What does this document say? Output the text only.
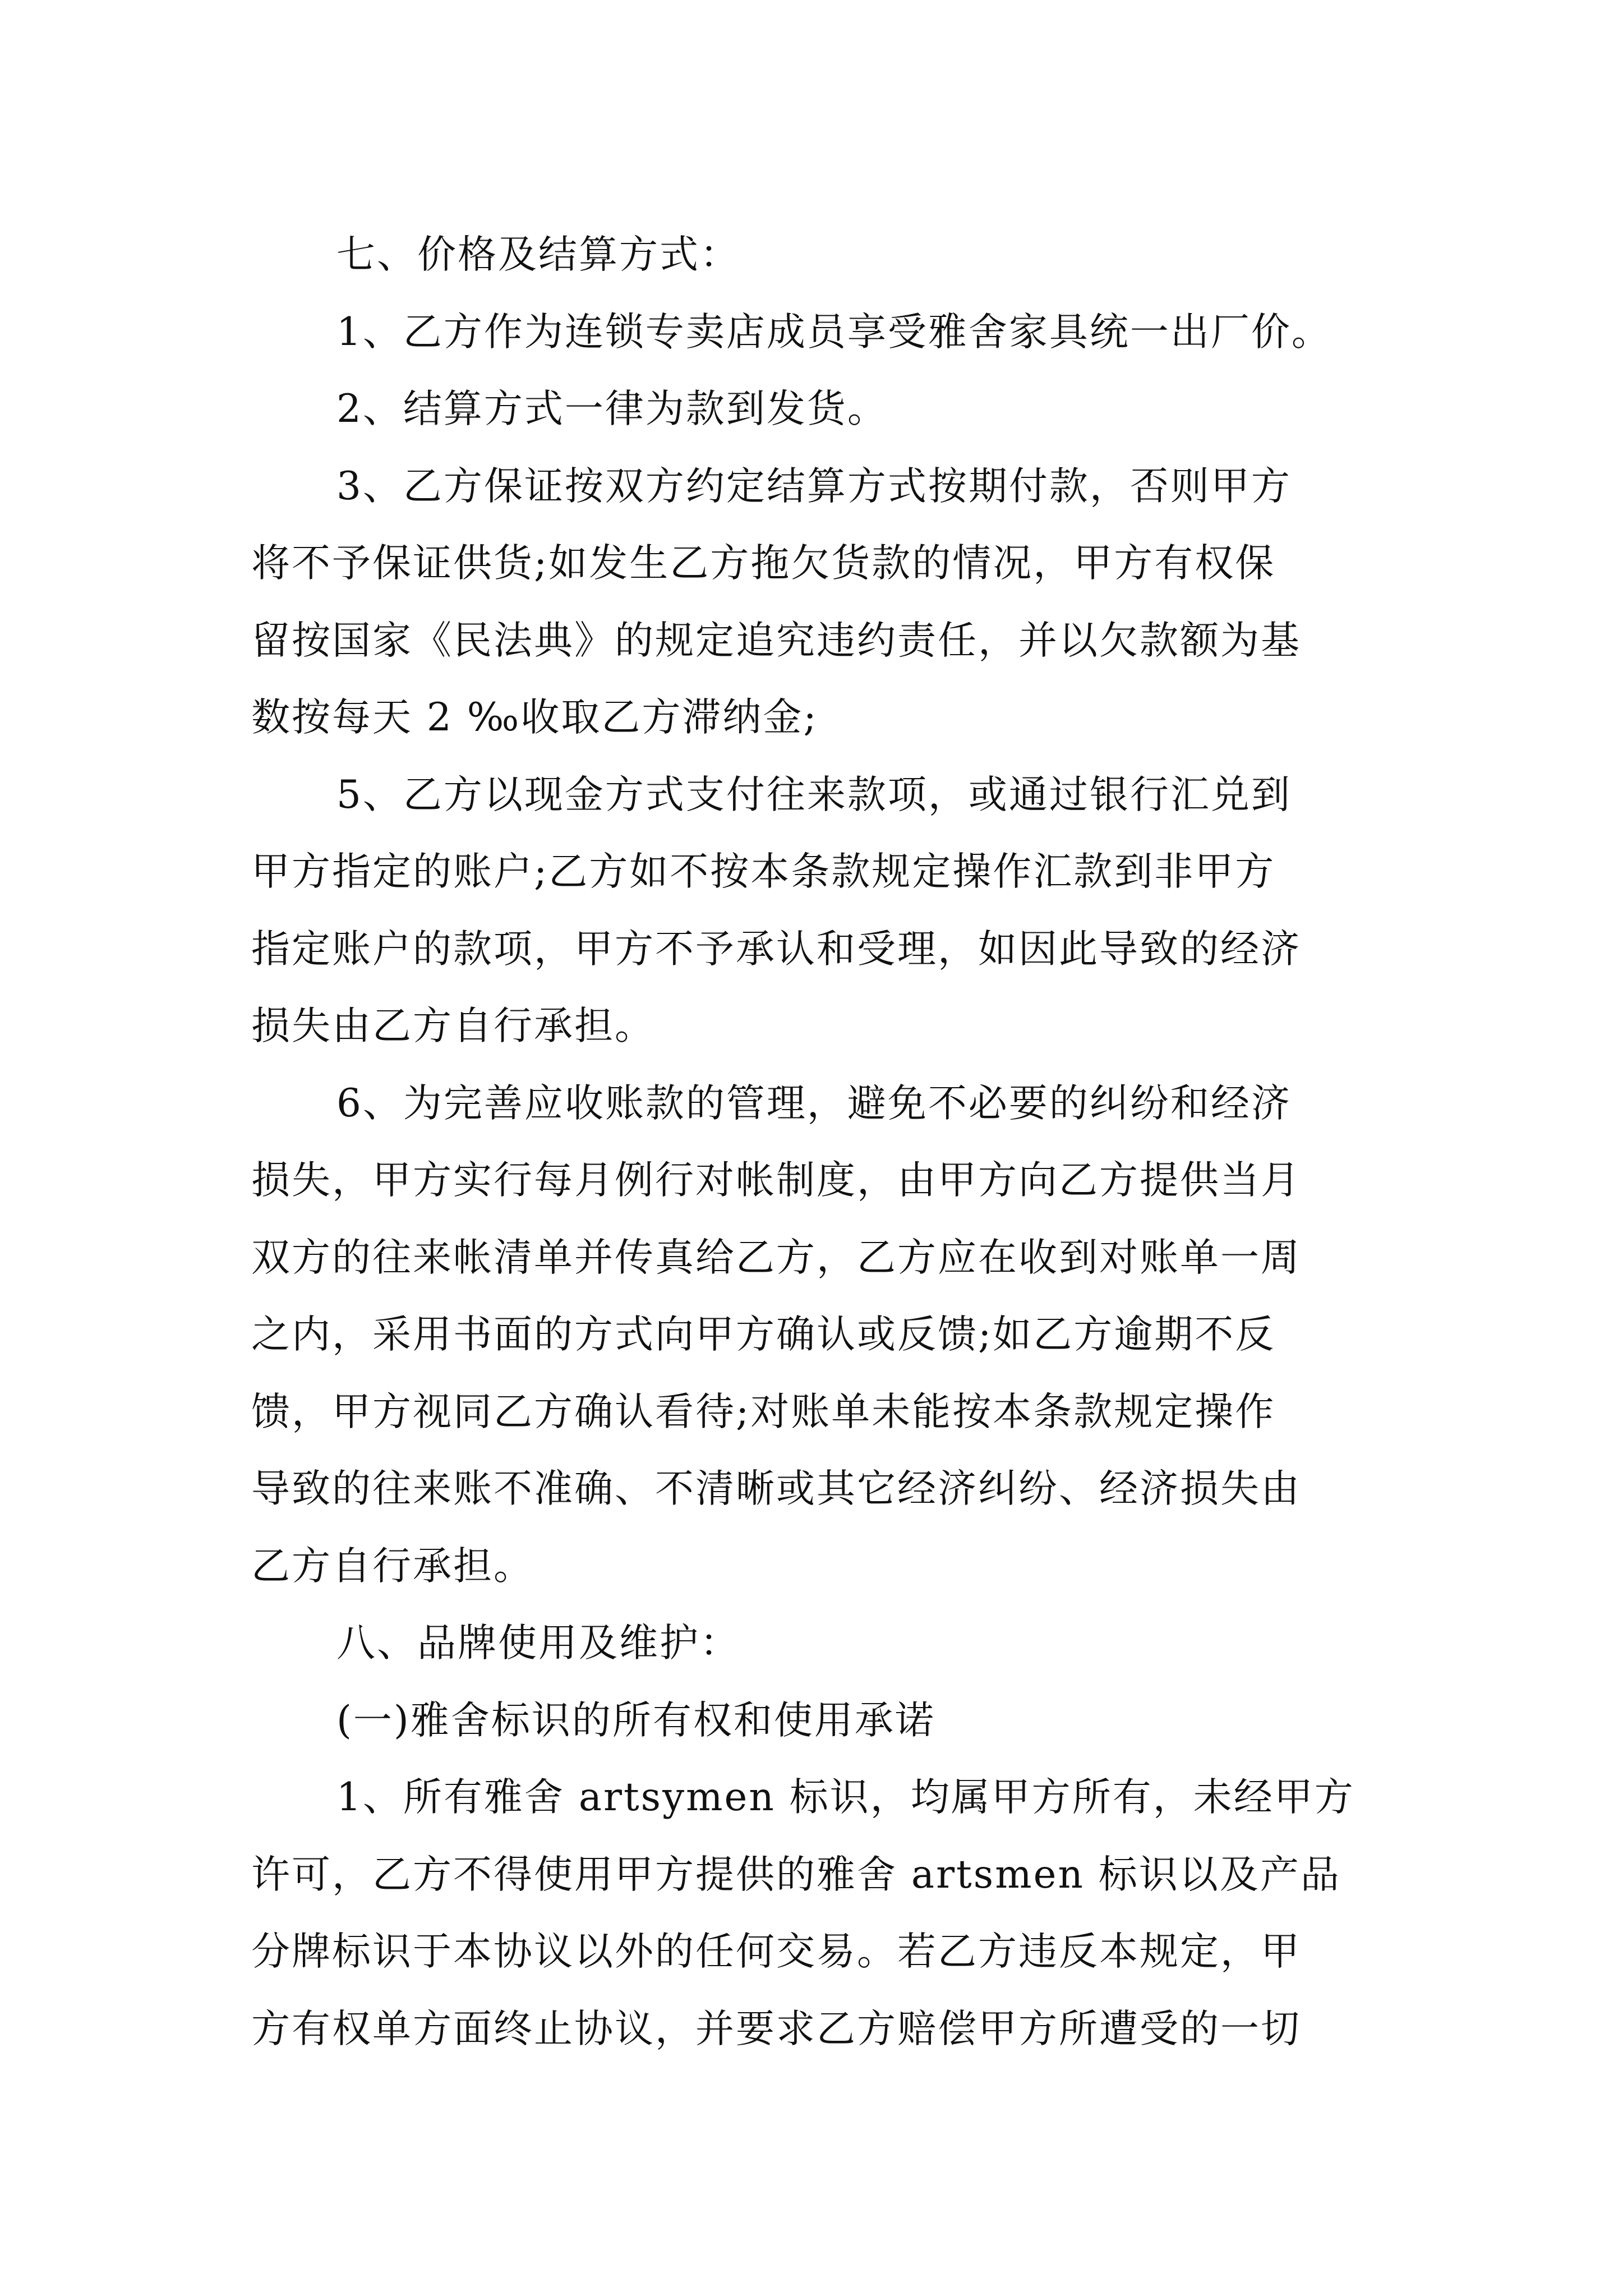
七、价格及结算方式：

1、乙方作为连锁专卖店成员享受雅舍家具统一出厂价。

2、结算方式一律为款到发货。

3、乙方保证按双方约定结算方式按期付款，否则甲方
将不予保证供货;如发生乙方拖欠货款的情况，甲方有权保
留按国家《民法典》的规定追究违约责任，并以欠款额为基
数按每天 2 ‰收取乙方滞纳金;

5、乙方以现金方式支付往来款项，或通过银行汇兑到
甲方指定的账户;乙方如不按本条款规定操作汇款到非甲方
指定账户的款项，甲方不予承认和受理，如因此导致的经济
损失由乙方自行承担。

6、为完善应收账款的管理，避免不必要的纠纷和经济
损失，甲方实行每月例行对帐制度，由甲方向乙方提供当月
双方的往来帐清单并传真给乙方，乙方应在收到对账单一周
之内，采用书面的方式向甲方确认或反馈;如乙方逾期不反
馈，甲方视同乙方确认看待;对账单未能按本条款规定操作
导致的往来账不准确、不清晰或其它经济纠纷、经济损失由
乙方自行承担。

八、品牌使用及维护：

(一)雅舍标识的所有权和使用承诺

1、所有雅舍 artsymen 标识，均属甲方所有，未经甲方
许可，乙方不得使用甲方提供的雅舍 artsmen 标识以及产品
分牌标识于本协议以外的任何交易。若乙方违反本规定，甲
方有权单方面终止协议，并要求乙方赔偿甲方所遭受的一切
